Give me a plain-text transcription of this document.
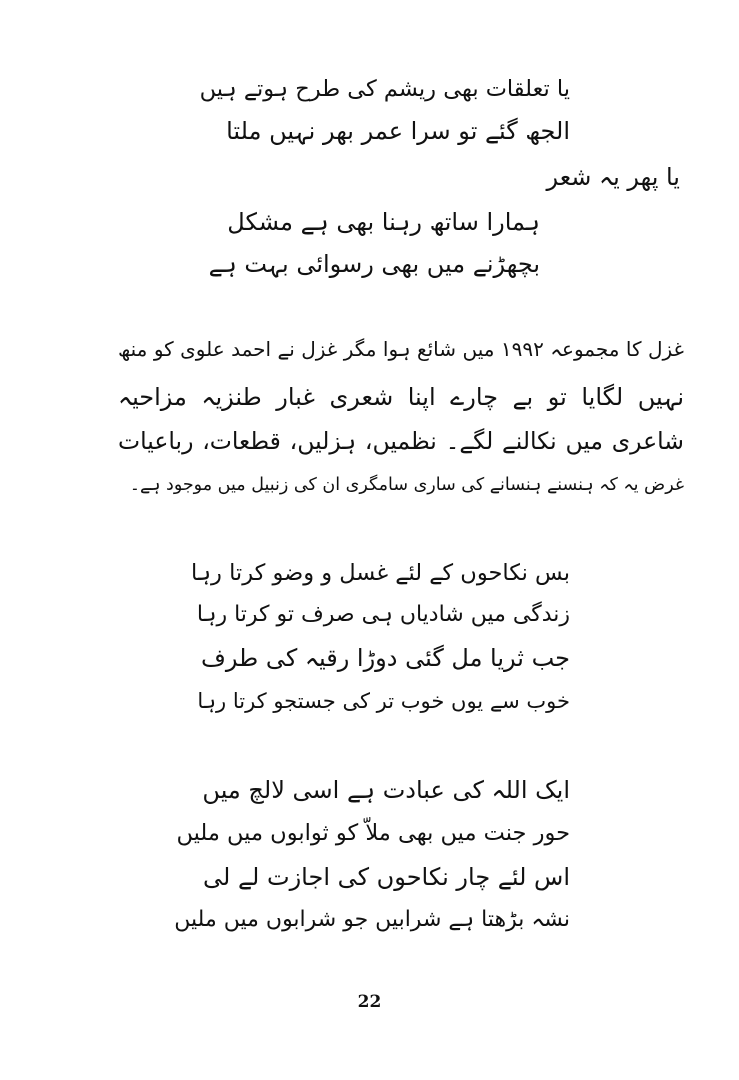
یا تعلقات بھی ریشم کی طرح ہوتے ہیں
الجھ گئے تو سرا عمر بھر نہیں ملتا
یا پھر یہ شعر
ہمارا ساتھ رہنا بھی ہے مشکل
بچھڑنے میں بھی رسوائی بہت ہے
غزل کا مجموعہ ۱۹۹۲ میں شائع ہوا مگر غزل نے احمد علوی کو منھ
نہیں لگایا تو بے چارے اپنا شعری غبار طنزیہ مزاحیہ
شاعری میں نکالنے لگے۔ نظمیں، ہزلیں، قطعات، رباعیات
غرض یہ کہ ہنسنے ہنسانے کی ساری سامگری ان کی زنبیل میں موجود ہے۔
بس نکاحوں کے لئے غسل و وضو کرتا رہا
زندگی میں شادیاں ہی صرف تو کرتا رہا
جب ثریا مل گئی دوڑا رقیہ کی طرف
خوب سے یوں خوب تر کی جستجو کرتا رہا
ایک اللہ کی عبادت ہے اسی لالچ میں
حور جنت میں بھی ملاّ کو ثوابوں میں ملیں
اس لئے چار نکاحوں کی اجازت لے لی
نشہ بڑھتا ہے شرابیں جو شرابوں میں ملیں
22
